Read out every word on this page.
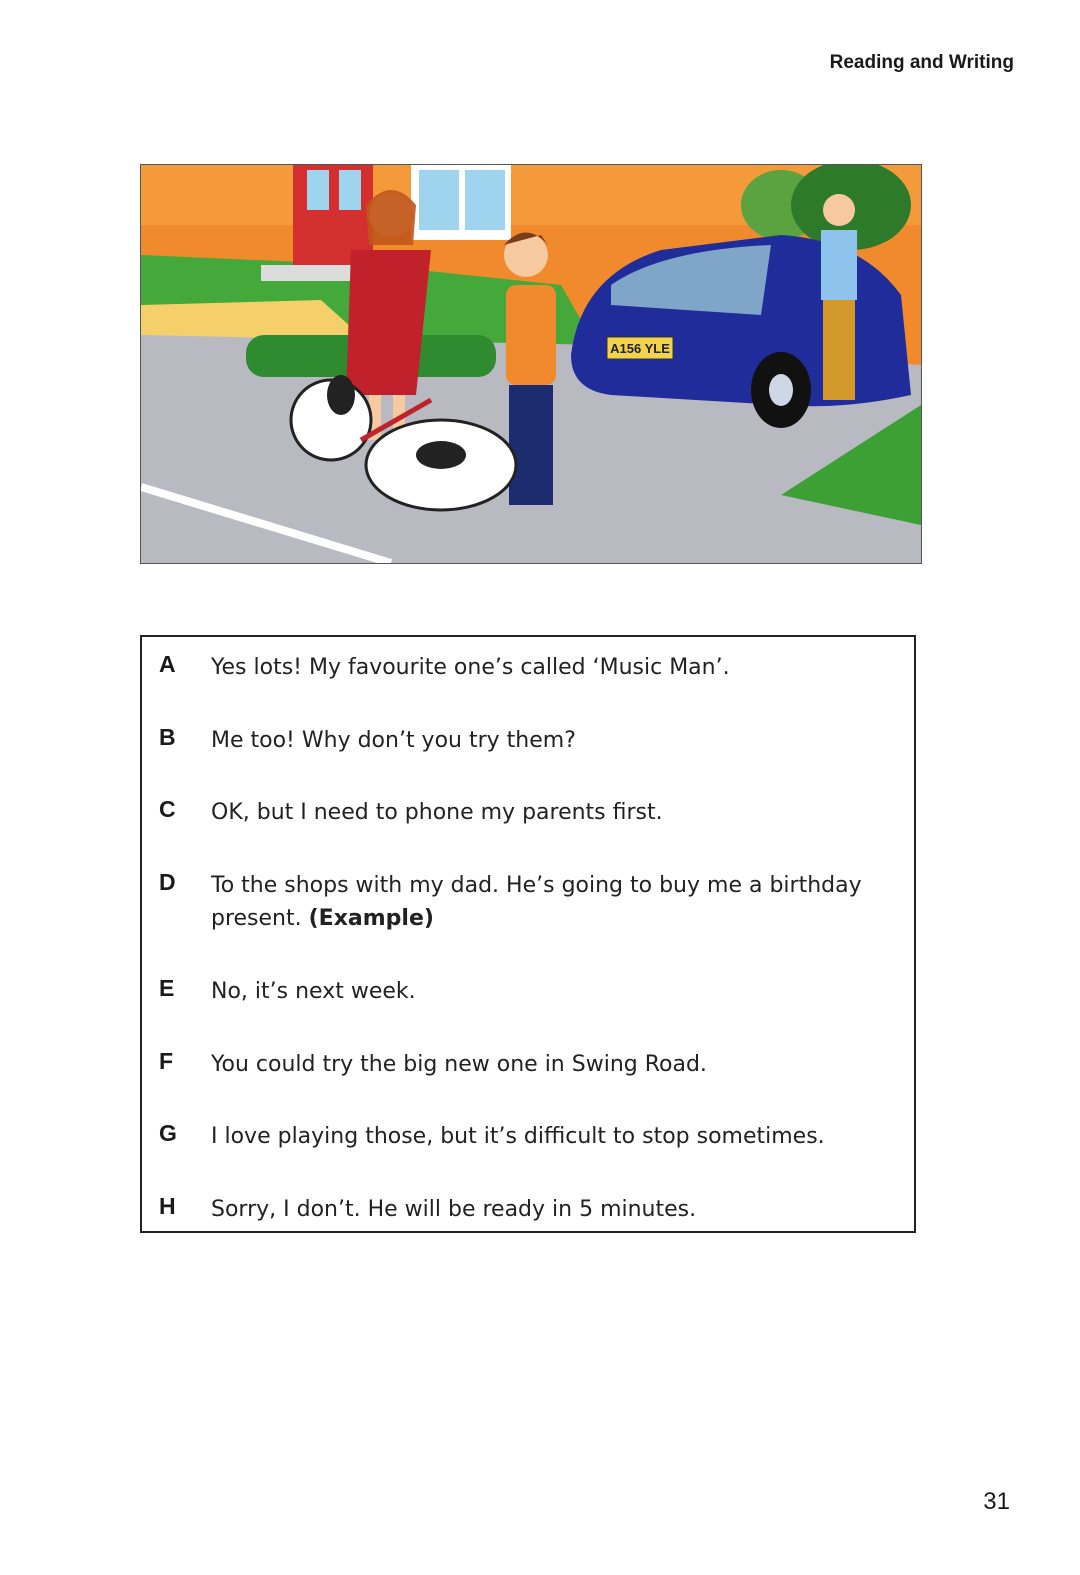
Reading and Writing
A156 YLE
A Yes lots! My favourite one’s called ‘Music Man’.
B Me too! Why don’t you try them?
C OK, but I need to phone my parents first.
D To the shops with my dad. He’s going to buy me a birthday present. (Example)
E No, it’s next week.
F You could try the big new one in Swing Road.
G I love playing those, but it’s difficult to stop sometimes.
H Sorry, I don’t. He will be ready in 5 minutes.
31
